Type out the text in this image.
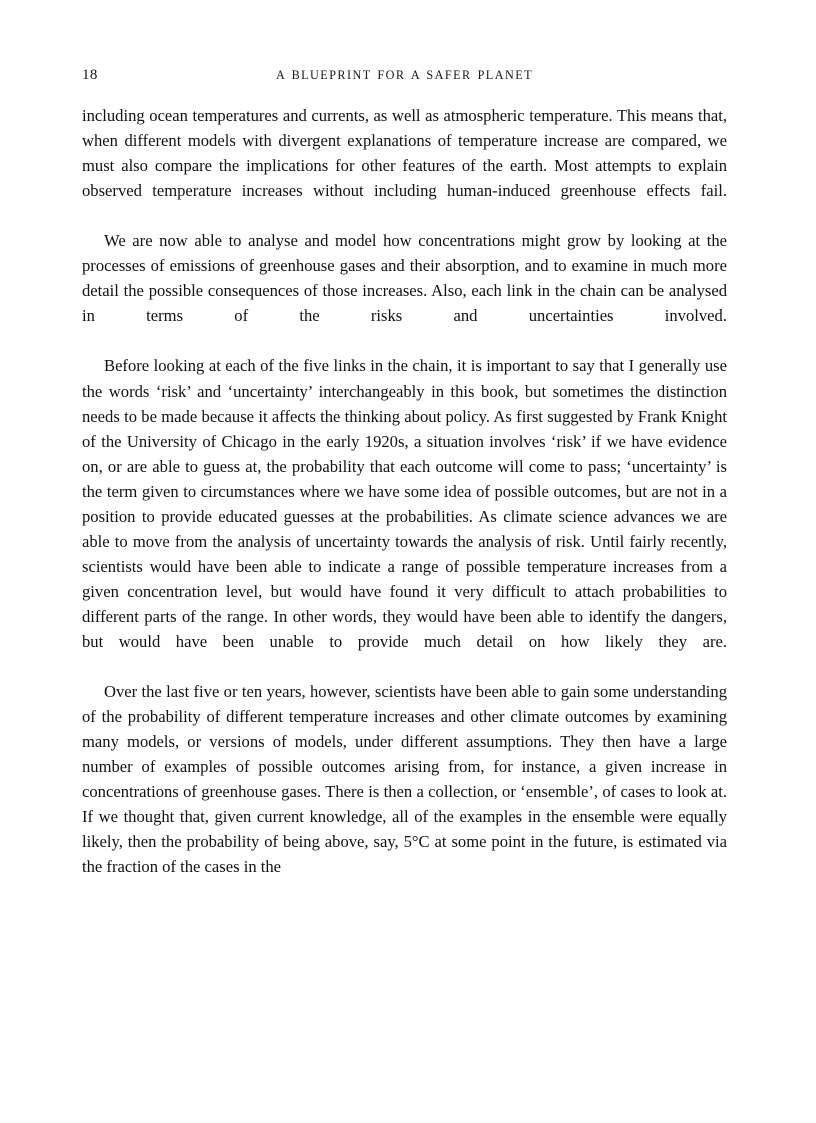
18	A BLUEPRINT FOR A SAFER PLANET

including ocean temperatures and currents, as well as atmospheric temperature. This means that, when different models with divergent explanations of temperature increase are compared, we must also compare the implications for other features of the earth. Most attempts to explain observed temperature increases without including human-induced greenhouse effects fail.

We are now able to analyse and model how concentrations might grow by looking at the processes of emissions of greenhouse gases and their absorption, and to examine in much more detail the possible consequences of those increases. Also, each link in the chain can be analysed in terms of the risks and uncertainties involved.

Before looking at each of the five links in the chain, it is important to say that I generally use the words ‘risk’ and ‘uncertainty’ interchangeably in this book, but sometimes the distinction needs to be made because it affects the thinking about policy. As first suggested by Frank Knight of the University of Chicago in the early 1920s, a situation involves ‘risk’ if we have evidence on, or are able to guess at, the probability that each outcome will come to pass; ‘uncertainty’ is the term given to circumstances where we have some idea of possible outcomes, but are not in a position to provide educated guesses at the probabilities. As climate science advances we are able to move from the analysis of uncertainty towards the analysis of risk. Until fairly recently, scientists would have been able to indicate a range of possible temperature increases from a given concentration level, but would have found it very difficult to attach probabilities to different parts of the range. In other words, they would have been able to identify the dangers, but would have been unable to provide much detail on how likely they are.

Over the last five or ten years, however, scientists have been able to gain some understanding of the probability of different temperature increases and other climate outcomes by examining many models, or versions of models, under different assumptions. They then have a large number of examples of possible outcomes arising from, for instance, a given increase in concentrations of greenhouse gases. There is then a collection, or ‘ensemble’, of cases to look at. If we thought that, given current knowledge, all of the examples in the ensemble were equally likely, then the probability of being above, say, 5°C at some point in the future, is estimated via the fraction of the cases in the
